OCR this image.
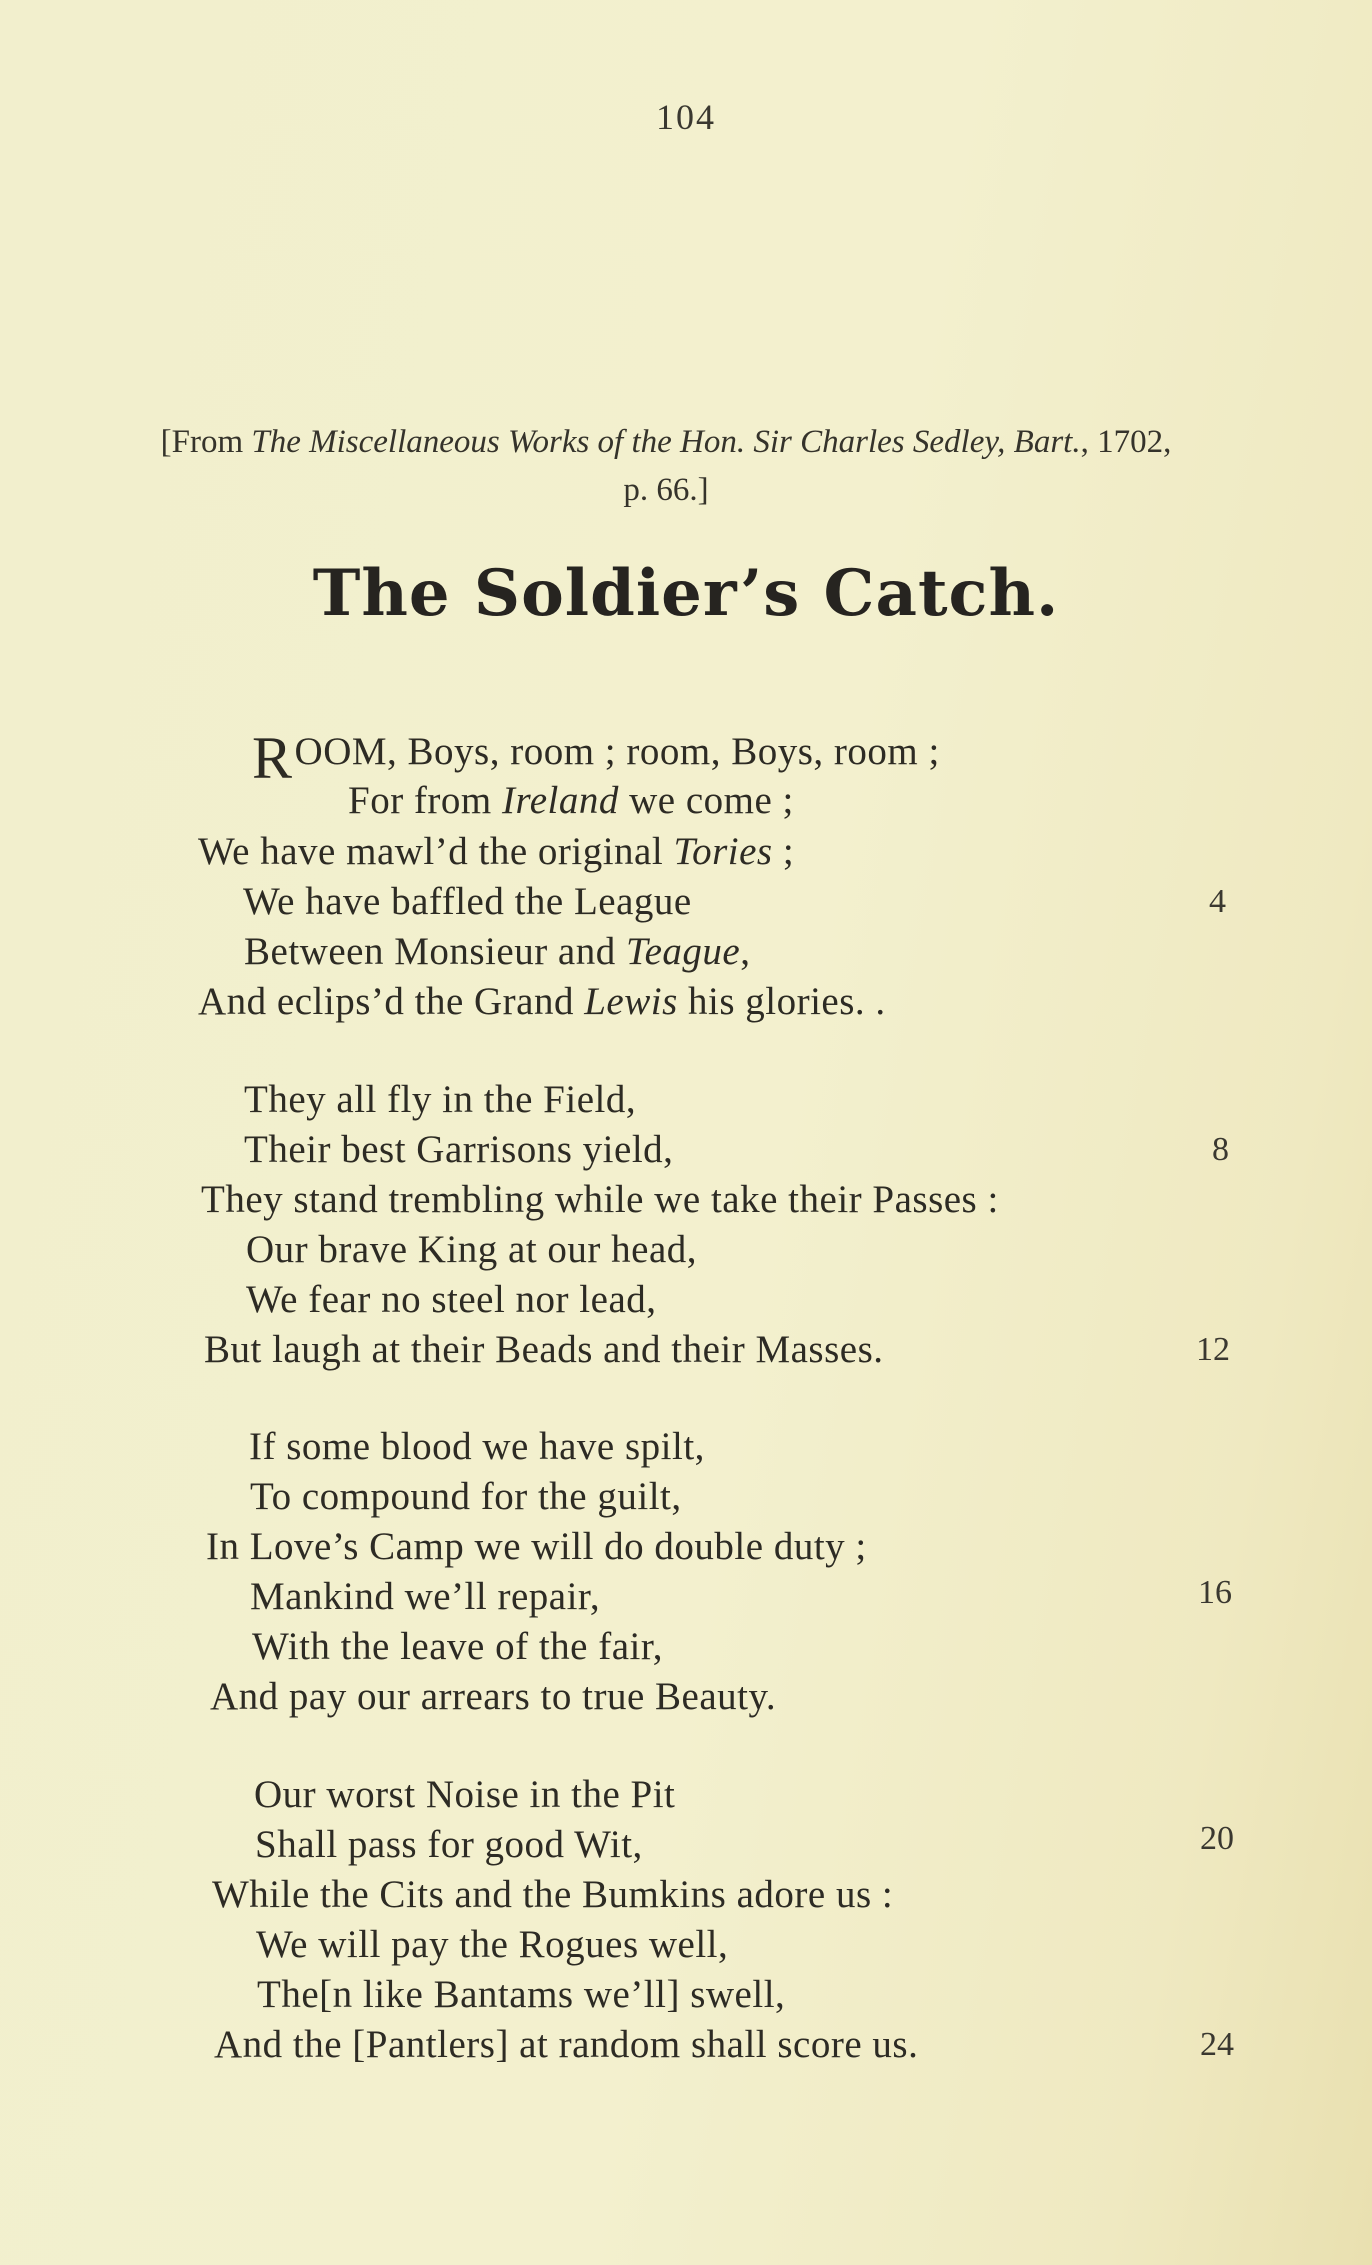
104
[From The Miscellaneous Works of the Hon. Sir Charles Sedley, Bart., 1702,
p. 66.]
The Soldier’s Catch.
ROOM, Boys, room ; room, Boys, room ;
For from Ireland we come ;
We have mawl’d the original Tories ;
We have baffled the League	4
Between Monsieur and Teague,
And eclips’d the Grand Lewis his glories. .
They all fly in the Field,
Their best Garrisons yield,	8
They stand trembling while we take their Passes :
Our brave King at our head,
We fear no steel nor lead,
But laugh at their Beads and their Masses.	12
If some blood we have spilt,
To compound for the guilt,
In Love’s Camp we will do double duty ;
Mankind we’ll repair,	16
With the leave of the fair,
And pay our arrears to true Beauty.
Our worst Noise in the Pit
Shall pass for good Wit,	20
While the Cits and the Bumkins adore us :
We will pay the Rogues well,
The[n like Bantams we’ll] swell,
And the [Pantlers] at random shall score us.	24
